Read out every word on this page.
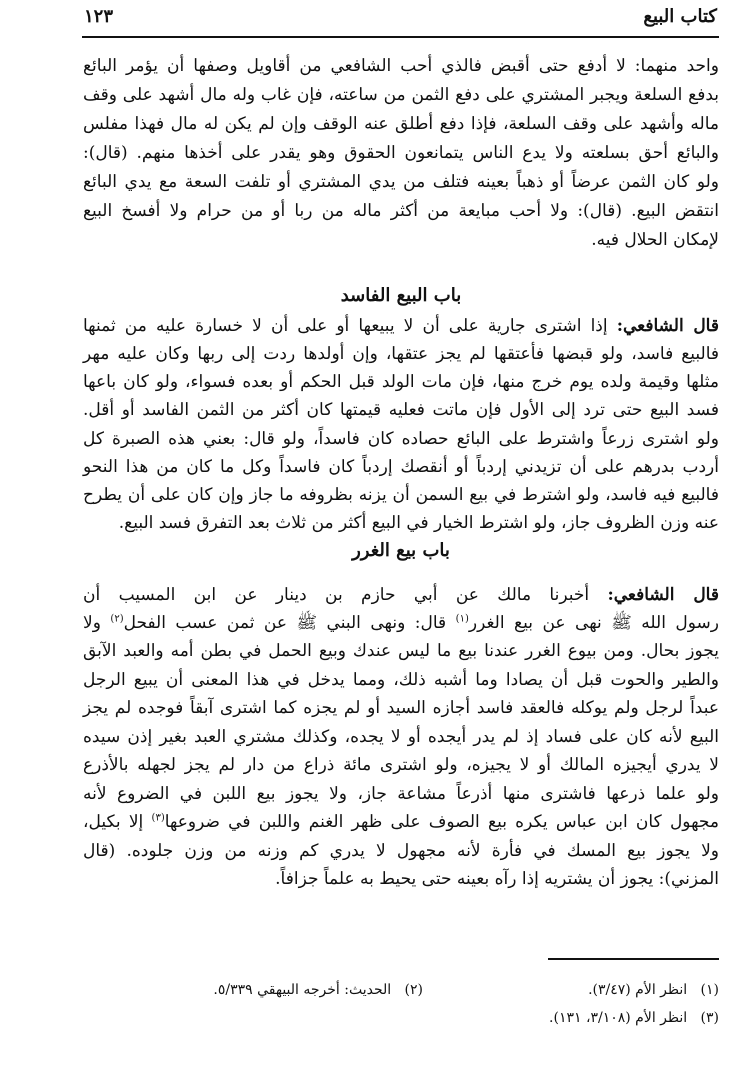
كتاب البيع
١٢٣
واحد منهما: لا أدفع حتى أقبض فالذي أحب الشافعي من أقاويل وصفها أن يؤمر البائع
بدفع السلعة ويجبر المشتري على دفع الثمن من ساعته، فإن غاب وله مال أشهد على وقف
ماله وأشهد على وقف السلعة، فإذا دفع أطلق عنه الوقف وإن لم يكن له مال فهذا مفلس
والبائع أحق بسلعته ولا يدع الناس يتمانعون الحقوق وهو يقدر على أخذها منهم. (قال):
ولو كان الثمن عرضاً أو ذهباً بعينه فتلف من يدي المشتري أو تلفت السعة مع يدي البائع
انتقض البيع. (قال): ولا أحب مبايعة من أكثر ماله من ربا أو من حرام ولا أفسخ البيع
لإمكان الحلال فيه.
باب البيع الفاسد
قال الشافعي: إذا اشترى جارية على أن لا يبيعها أو على أن لا خسارة عليه من ثمنها
فالبيع فاسد، ولو قبضها فأعتقها لم يجز عتقها، وإن أولدها ردت إلى ربها وكان عليه مهر
مثلها وقيمة ولده يوم خرج منها، فإن مات الولد قبل الحكم أو بعده فسواء، ولو كان باعها
فسد البيع حتى ترد إلى الأول فإن ماتت فعليه قيمتها كان أكثر من الثمن الفاسد أو أقل.
ولو اشترى زرعاً واشترط على البائع حصاده كان فاسداً، ولو قال: بعني هذه الصبرة كل
أردب بدرهم على أن تزيدني إردباً أو أنقصك إردباً كان فاسداً وكل ما كان من هذا النحو
فالبيع فيه فاسد، ولو اشترط في بيع السمن أن يزنه بظروفه ما جاز وإن كان على أن يطرح
عنه وزن الظروف جاز، ولو اشترط الخيار في البيع أكثر من ثلاث بعد التفرق فسد البيع.
باب بيع الغرر
قال الشافعي: أخبرنا مالك عن أبي حازم بن دينار عن ابن المسيب أن
رسول الله ﷺ نهى عن بيع الغرر$^{(١)}$ قال: ونهى البني ﷺ عن ثمن عسب الفحل$^{(٢)}$ ولا
يجوز بحال. ومن بيوع الغرر عندنا بيع ما ليس عندك وبيع الحمل في بطن أمه والعبد الآبق
والطير والحوت قبل أن يصادا وما أشبه ذلك، ومما يدخل في هذا المعنى أن يبيع الرجل
عبداً لرجل ولم يوكله فالعقد فاسد أجازه السيد أو لم يجزه كما اشترى آبقاً فوجده لم يجز
البيع لأنه كان على فساد إذ لم يدر أيجده أو لا يجده، وكذلك مشتري العبد بغير إذن سيده
لا يدري أيجيزه المالك أو لا يجيزه، ولو اشترى مائة ذراع من دار لم يجز لجهله بالأذرع
ولو علما ذرعها فاشترى منها أذرعاً مشاعة جاز، ولا يجوز بيع اللبن في الضروع لأنه
مجهول كان ابن عباس يكره بيع الصوف على ظهر الغنم واللبن في ضروعها$^{(٣)}$ إلا بكيل،
ولا يجوز بيع المسك في فأرة لأنه مجهول لا يدري كم وزنه من وزن جلوده. (قال
المزني): يجوز أن يشتريه إذا رآه بعينه حتى يحيط به علماً جزافاً.
(١)   انظر الأم (٣/٤٧).
(٢)   الحديث: أخرجه البيهقي ٥/٣٣٩.
(٣)   انظر الأم (٣/١٠٨، ١٣١).
